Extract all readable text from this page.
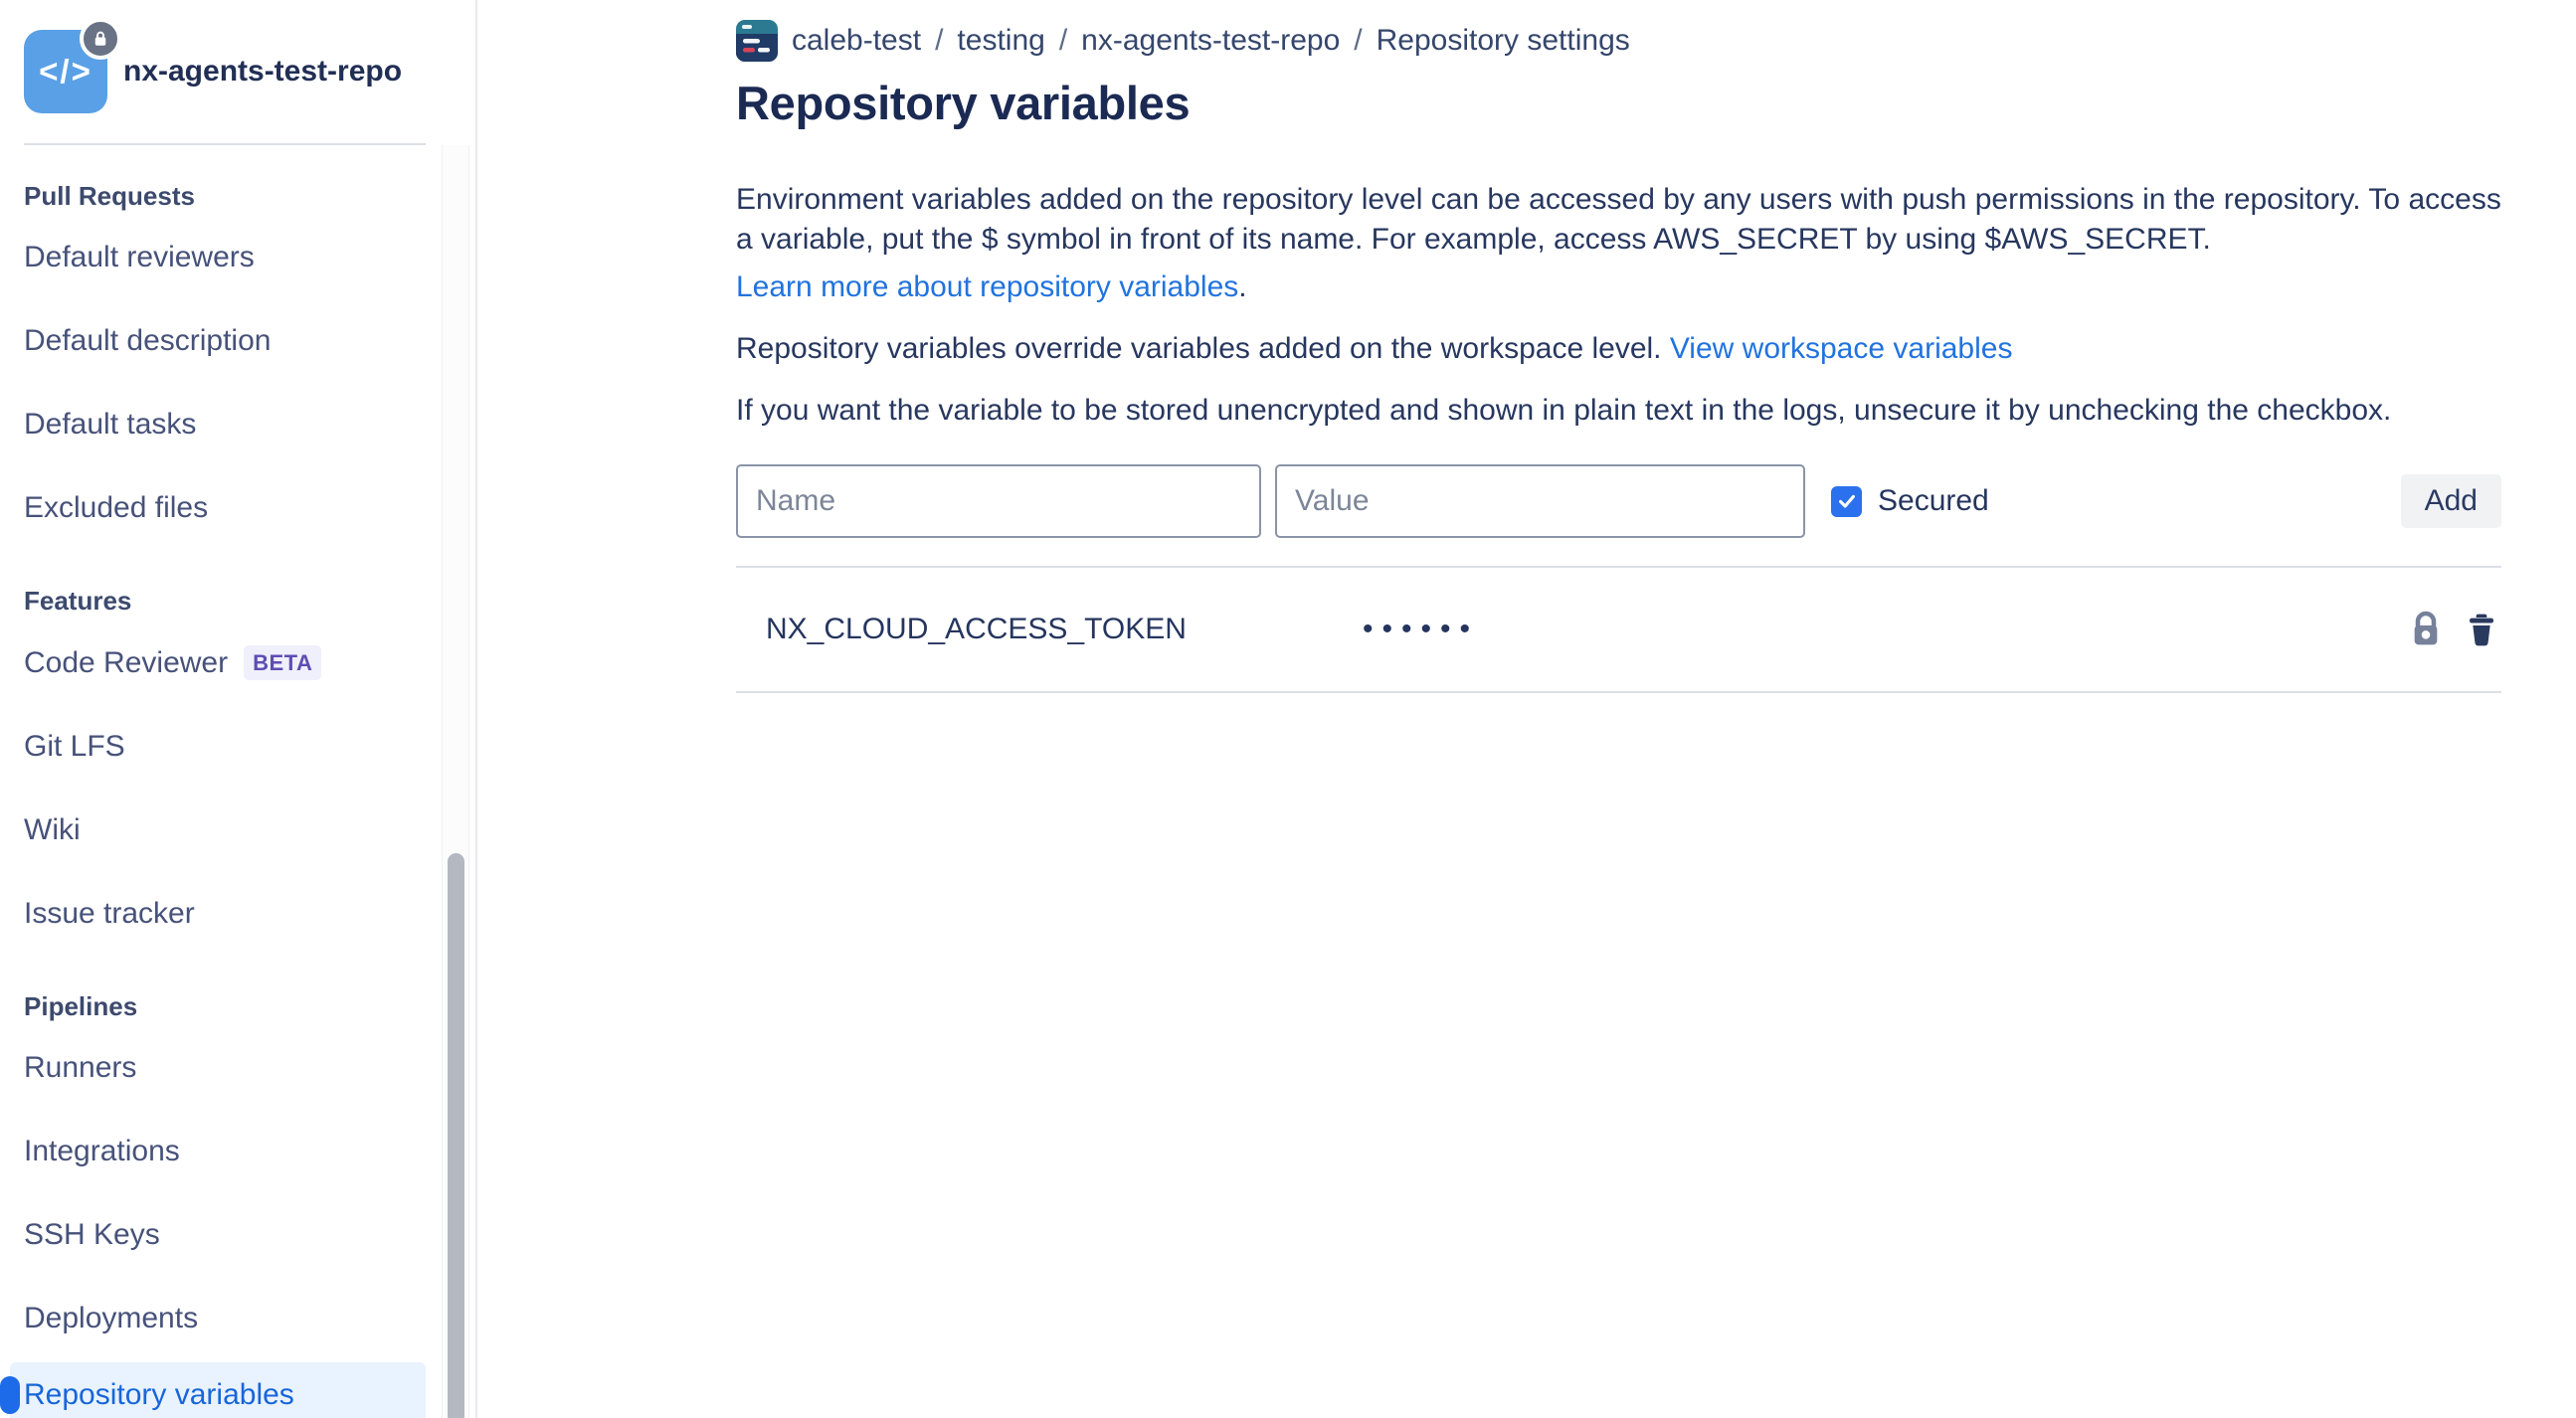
</> nx-agents-test-repo
Pull Requests
Default reviewers
Default description
Default tasks
Excluded files
Features
Code Reviewer	BETA
Git LFS
Wiki
Issue tracker
Pipelines
Runners
Integrations
SSH Keys
Deployments
Repository variables
caleb-test / testing / nx-agents-test-repo / Repository settings
Repository variables

Environment variables added on the repository level can be accessed by any users with push permissions in the repository. To access a variable, put the $ symbol in front of its name. For example, access AWS_SECRET by using $AWS_SECRET.

Learn more about repository variables.

Repository variables override variables added on the workspace level. View workspace variables

If you want the variable to be stored unencrypted and shown in plain text in the logs, unsecure it by unchecking the checkbox.

Name
Value
Secured	Add
NX_CLOUD_ACCESS_TOKEN	••••••
